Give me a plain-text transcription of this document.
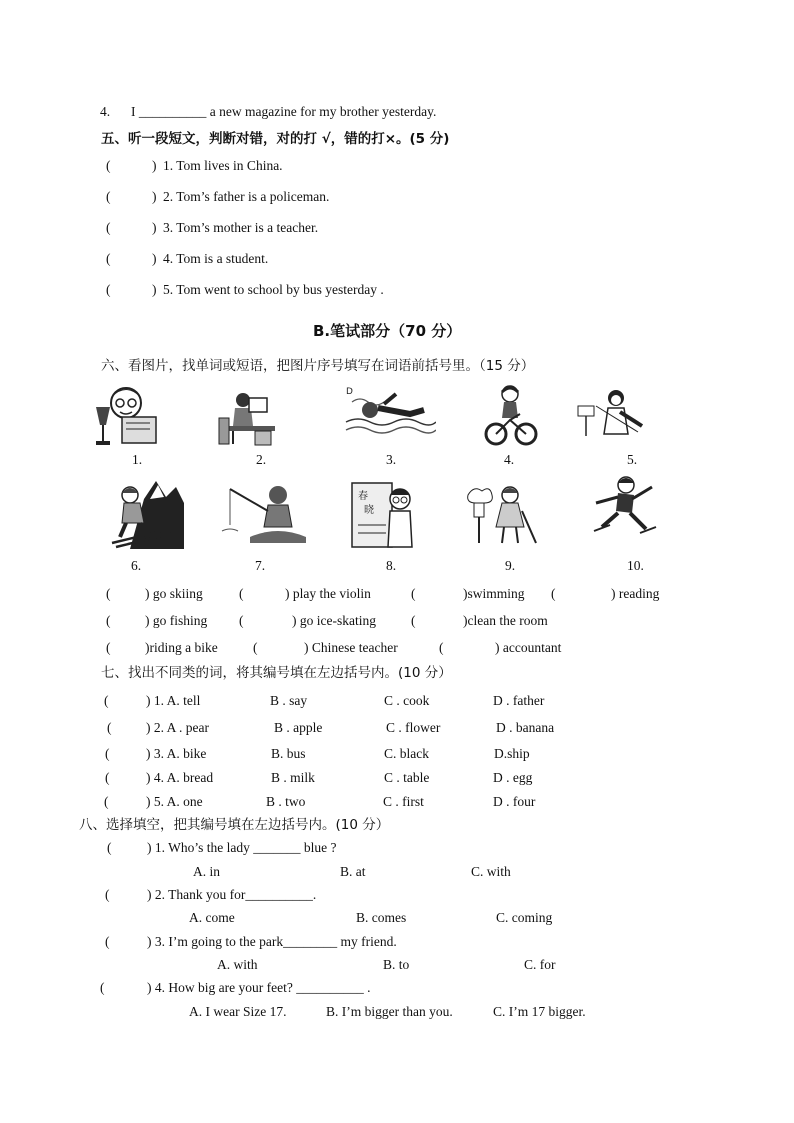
4. I __________ a new magazine for my brother yesterday.
五、听一段短文，判断对错，对的打 √，错的打×。(5 分)
(	) 1. Tom lives in China.
(	) 2. Tom’s father is a policeman.
(	) 3. Tom’s mother is a teacher.
(	) 4. Tom is a student.
(	) 5. Tom went to school by bus yesterday .
B.笔试部分（70 分）
六、看图片，找单词或短语，把图片序号填写在词语前括号里。（15 分）
D
1.	2.	3.	4.	5.
春
晓
6.	7.	8.	9.	10.
(	) go skiing	(	) play the violin	(	)swimming (	) reading
(	) go fishing (	) go ice-skating	(	)clean the room
(	)riding a bike	(	) Chinese teacher	(	) accountant
七、找出不同类的词，将其编号填在左边括号内。(10 分）
(	) 1. A. tell	B . say	C . cook	D . father
(	) 2. A . pear	B . apple	C . flower	D . banana
(	) 3. A. bike	B. bus	C. black	D.ship
(	) 4. A. bread	B . milk	C . table	D . egg
(	) 5. A. one	B . two	C . first	D . four
八、选择填空，把其编号填在左边括号内。(10 分）
(	) 1. Who’s the lady _______ blue ?
A. in	B. at	C. with
(	) 2. Thank you for__________.
A. come	B. comes	C. coming
(	) 3. I’m going to the park________ my friend.
A. with	B. to	C. for
(	) 4. How big are your feet? __________ .
A. I wear Size 17.	B. I’m bigger than you.	C. I’m 17 bigger.
